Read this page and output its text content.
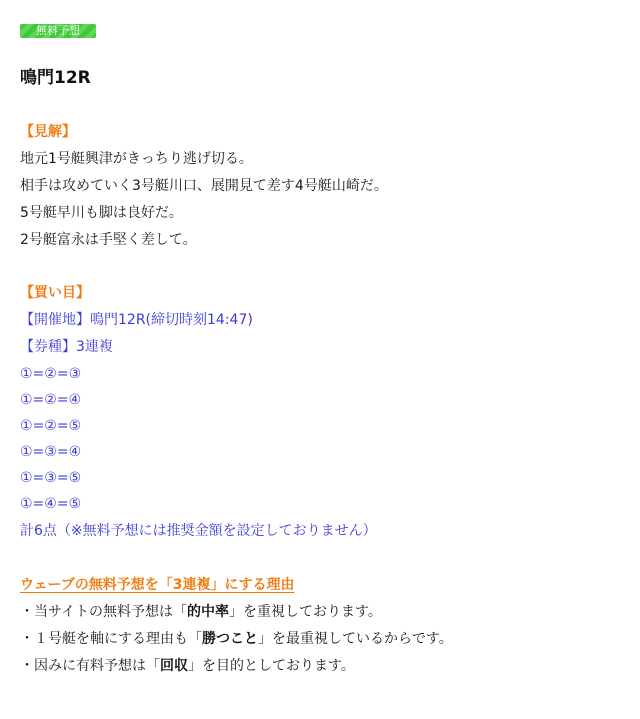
無料予想
鳴門12R
【見解】
地元1号艇興津がきっちり逃げ切る。
相手は攻めていく3号艇川口、展開見て差す4号艇山崎だ。
5号艇早川も脚は良好だ。
2号艇富永は手堅く差して。
【買い目】
【開催地】鳴門12R(締切時刻14:47)
【券種】3連複
①=②=③
①=②=④
①=②=⑤
①=③=④
①=③=⑤
①=④=⑤
計6点（※無料予想には推奨金額を設定しておりません）
ウェーブの無料予想を「3連複」にする理由
・当サイトの無料予想は「的中率」を重視しております。
・１号艇を軸にする理由も「勝つこと」を最重視しているからです。
・因みに有料予想は「回収」を目的としております。
